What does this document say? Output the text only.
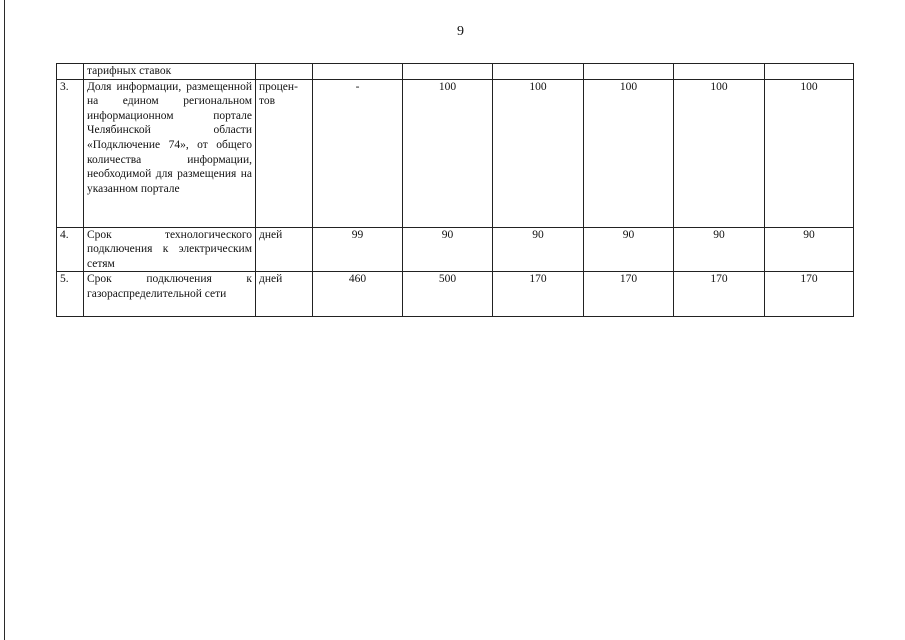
9
	тарифных ставок							
3.	Доля информации, размещенной на едином региональном информационном портале Челябинской области «Подключение 74», от общего количества информации, необходимой для размещения на указанном портале	процентов	-	100	100	100	100	100
4.	Срок технологического подключения к электрическим сетям	дней	99	90	90	90	90	90
5.	Срок подключения к газораспределительной сети	дней	460	500	170	170	170	170
